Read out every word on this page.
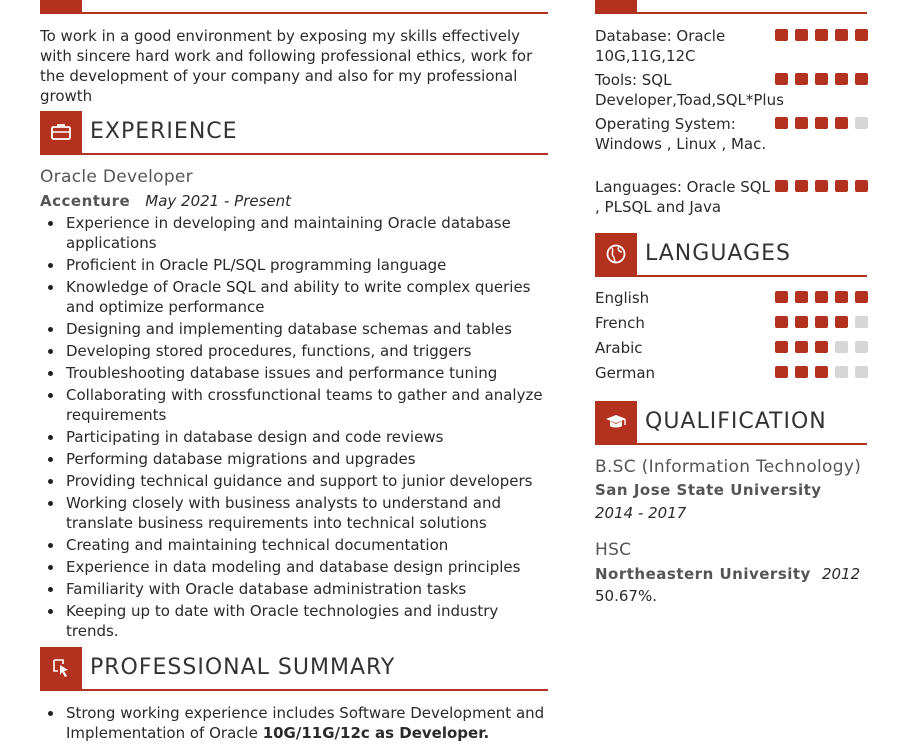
To work in a good environment by exposing my skills effectively with sincere hard work and following professional ethics, work for the development of your company and also for my professional growth
EXPERIENCE
Oracle Developer
Accenture May 2021 - Present
Experience in developing and maintaining Oracle database applications
Proficient in Oracle PL/SQL programming language
Knowledge of Oracle SQL and ability to write complex queries and optimize performance
Designing and implementing database schemas and tables
Developing stored procedures, functions, and triggers
Troubleshooting database issues and performance tuning
Collaborating with crossfunctional teams to gather and analyze requirements
Participating in database design and code reviews
Performing database migrations and upgrades
Providing technical guidance and support to junior developers
Working closely with business analysts to understand and translate business requirements into technical solutions
Creating and maintaining technical documentation
Experience in data modeling and database design principles
Familiarity with Oracle database administration tasks
Keeping up to date with Oracle technologies and industry trends.
PROFESSIONAL SUMMARY
Strong working experience includes Software Development and Implementation of Oracle 10G/11G/12c as Developer.
Database: Oracle 10G,11G,12C
Tools: SQL Developer,Toad,SQL*Plus
Operating System: Windows , Linux , Mac.
Languages: Oracle SQL , PLSQL and Java
LANGUAGES
English
French
Arabic
German
QUALIFICATION
B.SC (Information Technology)
San Jose State University
2014 - 2017
HSC
Northeastern University 2012
50.67%.
